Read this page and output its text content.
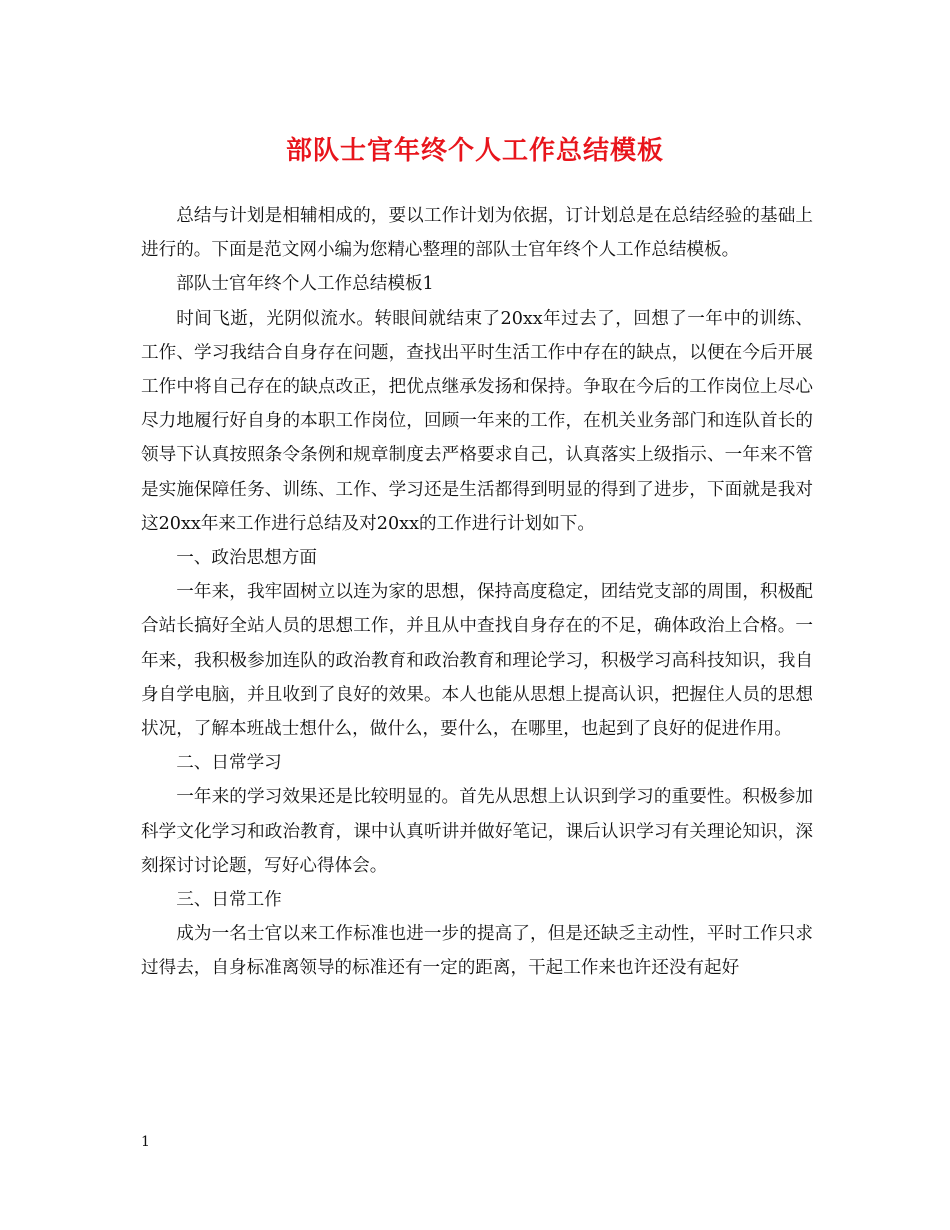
部队士官年终个人工作总结模板

总结与计划是相辅相成的，要以工作计划为依据，订计划总是在总结经验的基础上进行的。下面是范文网小编为您精心整理的部队士官年终个人工作总结模板。

部队士官年终个人工作总结模板1

时间飞逝，光阴似流水。转眼间就结束了20xx年过去了，回想了一年中的训练、工作、学习我结合自身存在问题，查找出平时生活工作中存在的缺点，以便在今后开展工作中将自己存在的缺点改正，把优点继承发扬和保持。争取在今后的工作岗位上尽心尽力地履行好自身的本职工作岗位，回顾一年来的工作，在机关业务部门和连队首长的领导下认真按照条令条例和规章制度去严格要求自己，认真落实上级指示、一年来不管是实施保障任务、训练、工作、学习还是生活都得到明显的得到了进步，下面就是我对这20xx年来工作进行总结及对20xx的工作进行计划如下。

一、政治思想方面

一年来，我牢固树立以连为家的思想，保持高度稳定，团结党支部的周围，积极配合站长搞好全站人员的思想工作，并且从中查找自身存在的不足，确体政治上合格。一年来，我积极参加连队的政治教育和政治教育和理论学习，积极学习高科技知识，我自身自学电脑，并且收到了良好的效果。本人也能从思想上提高认识，把握住人员的思想状况，了解本班战士想什么，做什么，要什么，在哪里，也起到了良好的促进作用。

二、日常学习

一年来的学习效果还是比较明显的。首先从思想上认识到学习的重要性。积极参加科学文化学习和政治教育，课中认真听讲并做好笔记，课后认识学习有关理论知识，深刻探讨讨论题，写好心得体会。

三、日常工作

成为一名士官以来工作标准也进一步的提高了，但是还缺乏主动性，平时工作只求过得去，自身标准离领导的标准还有一定的距离，干起工作来也许还没有起好

1
